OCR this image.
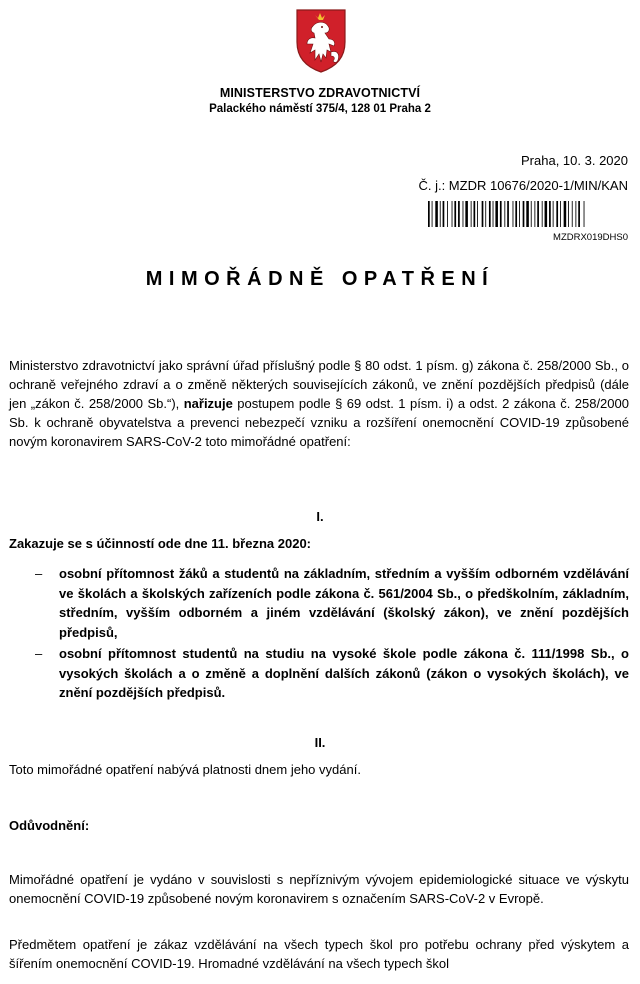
MINISTERSTVO ZDRAVOTNICTVÍ
Palackého náměstí 375/4, 128 01 Praha 2
Praha, 10. 3. 2020
Č. j.: MZDR 10676/2020-1/MIN/KAN
MZDRX019DHS0
MIMOŘÁDNĚ OPATŘENÍ
Ministerstvo zdravotnictví jako správní úřad příslušný podle § 80 odst. 1 písm. g) zákona č. 258/2000 Sb., o ochraně veřejného zdraví a o změně některých souvisejících zákonů, ve znění pozdějších předpisů (dále jen „zákon č. 258/2000 Sb.“), nařizuje postupem podle § 69 odst. 1 písm. i) a odst. 2 zákona č. 258/2000 Sb. k ochraně obyvatelstva a prevenci nebezpečí vzniku a rozšíření onemocnění COVID-19 způsobené novým koronavirem SARS-CoV-2 toto mimořádné opatření:
I.
Zakazuje se s účinností ode dne 11. března 2020:
– osobní přítomnost žáků a studentů na základním, středním a vyšším odborném vzdělávání ve školách a školských zařízeních podle zákona č. 561/2004 Sb., o předškolním, základním, středním, vyšším odborném a jiném vzdělávání (školský zákon), ve znění pozdějších předpisů,
– osobní přítomnost studentů na studiu na vysoké škole podle zákona č. 111/1998 Sb., o vysokých školách a o změně a doplnění dalších zákonů (zákon o vysokých školách), ve znění pozdějších předpisů.
II.
Toto mimořádné opatření nabývá platnosti dnem jeho vydání.
Odůvodnění:
Mimořádné opatření je vydáno v souvislosti s nepříznivým vývojem epidemiologické situace ve výskytu onemocnění COVID-19 způsobené novým koronavirem s označením SARS-CoV-2 v Evropě.
Předmětem opatření je zákaz vzdělávání na všech typech škol pro potřebu ochrany před výskytem a šířením onemocnění COVID-19. Hromadné vzdělávání na všech typech škol
